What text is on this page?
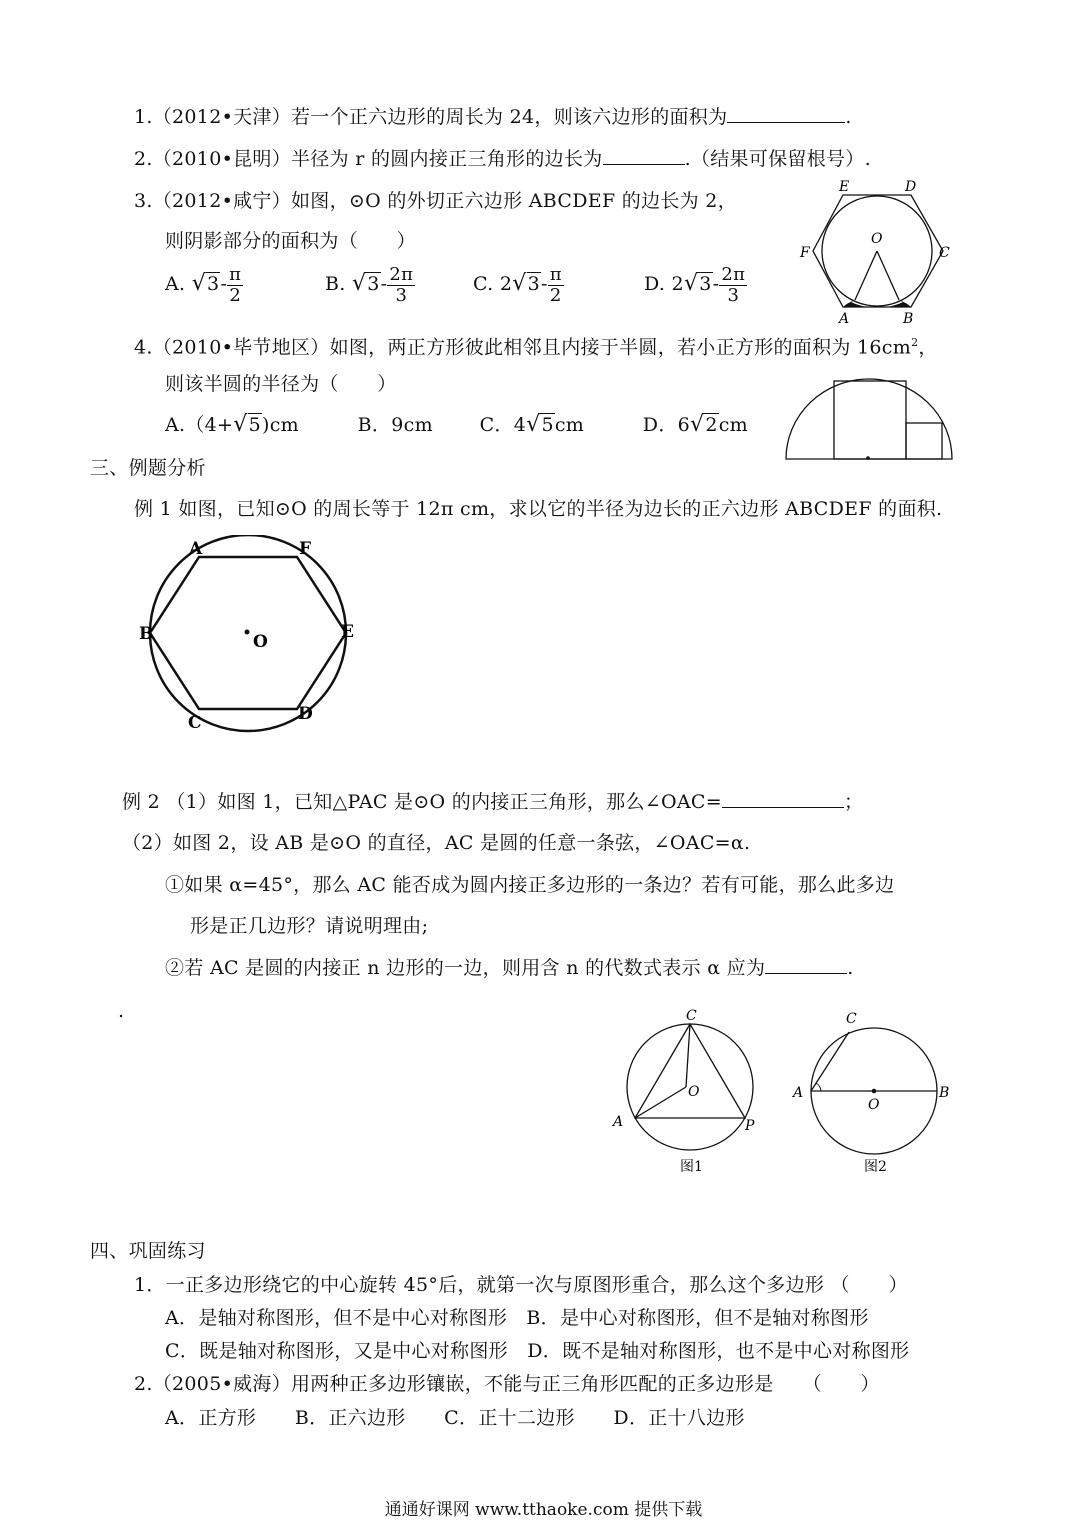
1.（2012•天津）若一个正六边形的周长为 24，则该六边形的面积为	.
2.（2010•昆明）半径为 r 的圆内接正三角形的边长为	.（结果可保留根号）.
3.（2012•咸宁）如图，⊙O 的外切正六边形 ABCDEF 的边长为 2，
则阴影部分的面积为（　　）
A. $√3- \frac{\pi}{2}$	B. $√3- \frac{2\pi}{3}$	C. $2√3- \frac{\pi}{2}$	D. $2√3- \frac{2\pi}{3}$
E	D
O
F	C
A	B
4.（2010•毕节地区）如图，两正方形彼此相邻且内接于半圆，若小正方形的面积为 $16cm^2$，
则该半圆的半径为（　　）
A.（4+√5)cm	B．9cm C．4√5cm	D．6√2cm
三、例题分析
例 1 如图，已知⊙O 的周长等于 12π cm，求以它的半径为边长的正六边形 ABCDEF 的面积.
A	F
B	E
O
C	D
例 2 （1）如图 1，已知△PAC 是⊙O 的内接正三角形，那么∠OAC=	；
（2）如图 2，设 AB 是⊙O 的直径，AC 是圆的任意一条弦，∠OAC=α.
①如果 α=45°，那么 AC 能否成为圆内接正多边形的一条边？若有可能，那么此多边
形是正几边形？请说明理由;
②若 AC 是圆的内接正 n 边形的一边，则用含 n 的代数式表示 α 应为	.
.	C
O
A	P
图1
C
A
O
B
图2
四、巩固练习
1．一正多边形绕它的中心旋转 45°后，就第一次与原图形重合，那么这个多边形 （　　）
A．是轴对称图形，但不是中心对称图形　B．是中心对称图形，但不是轴对称图形
C．既是轴对称图形，又是中心对称图形　D．既不是轴对称图形，也不是中心对称图形
2.（2005•威海）用两种正多边形镶嵌，不能与正三角形匹配的正多边形是　　（　　）
A．正方形　　B．正六边形　　C．正十二边形　　D．正十八边形
通通好课网 www.tthaoke.com 提供下载
